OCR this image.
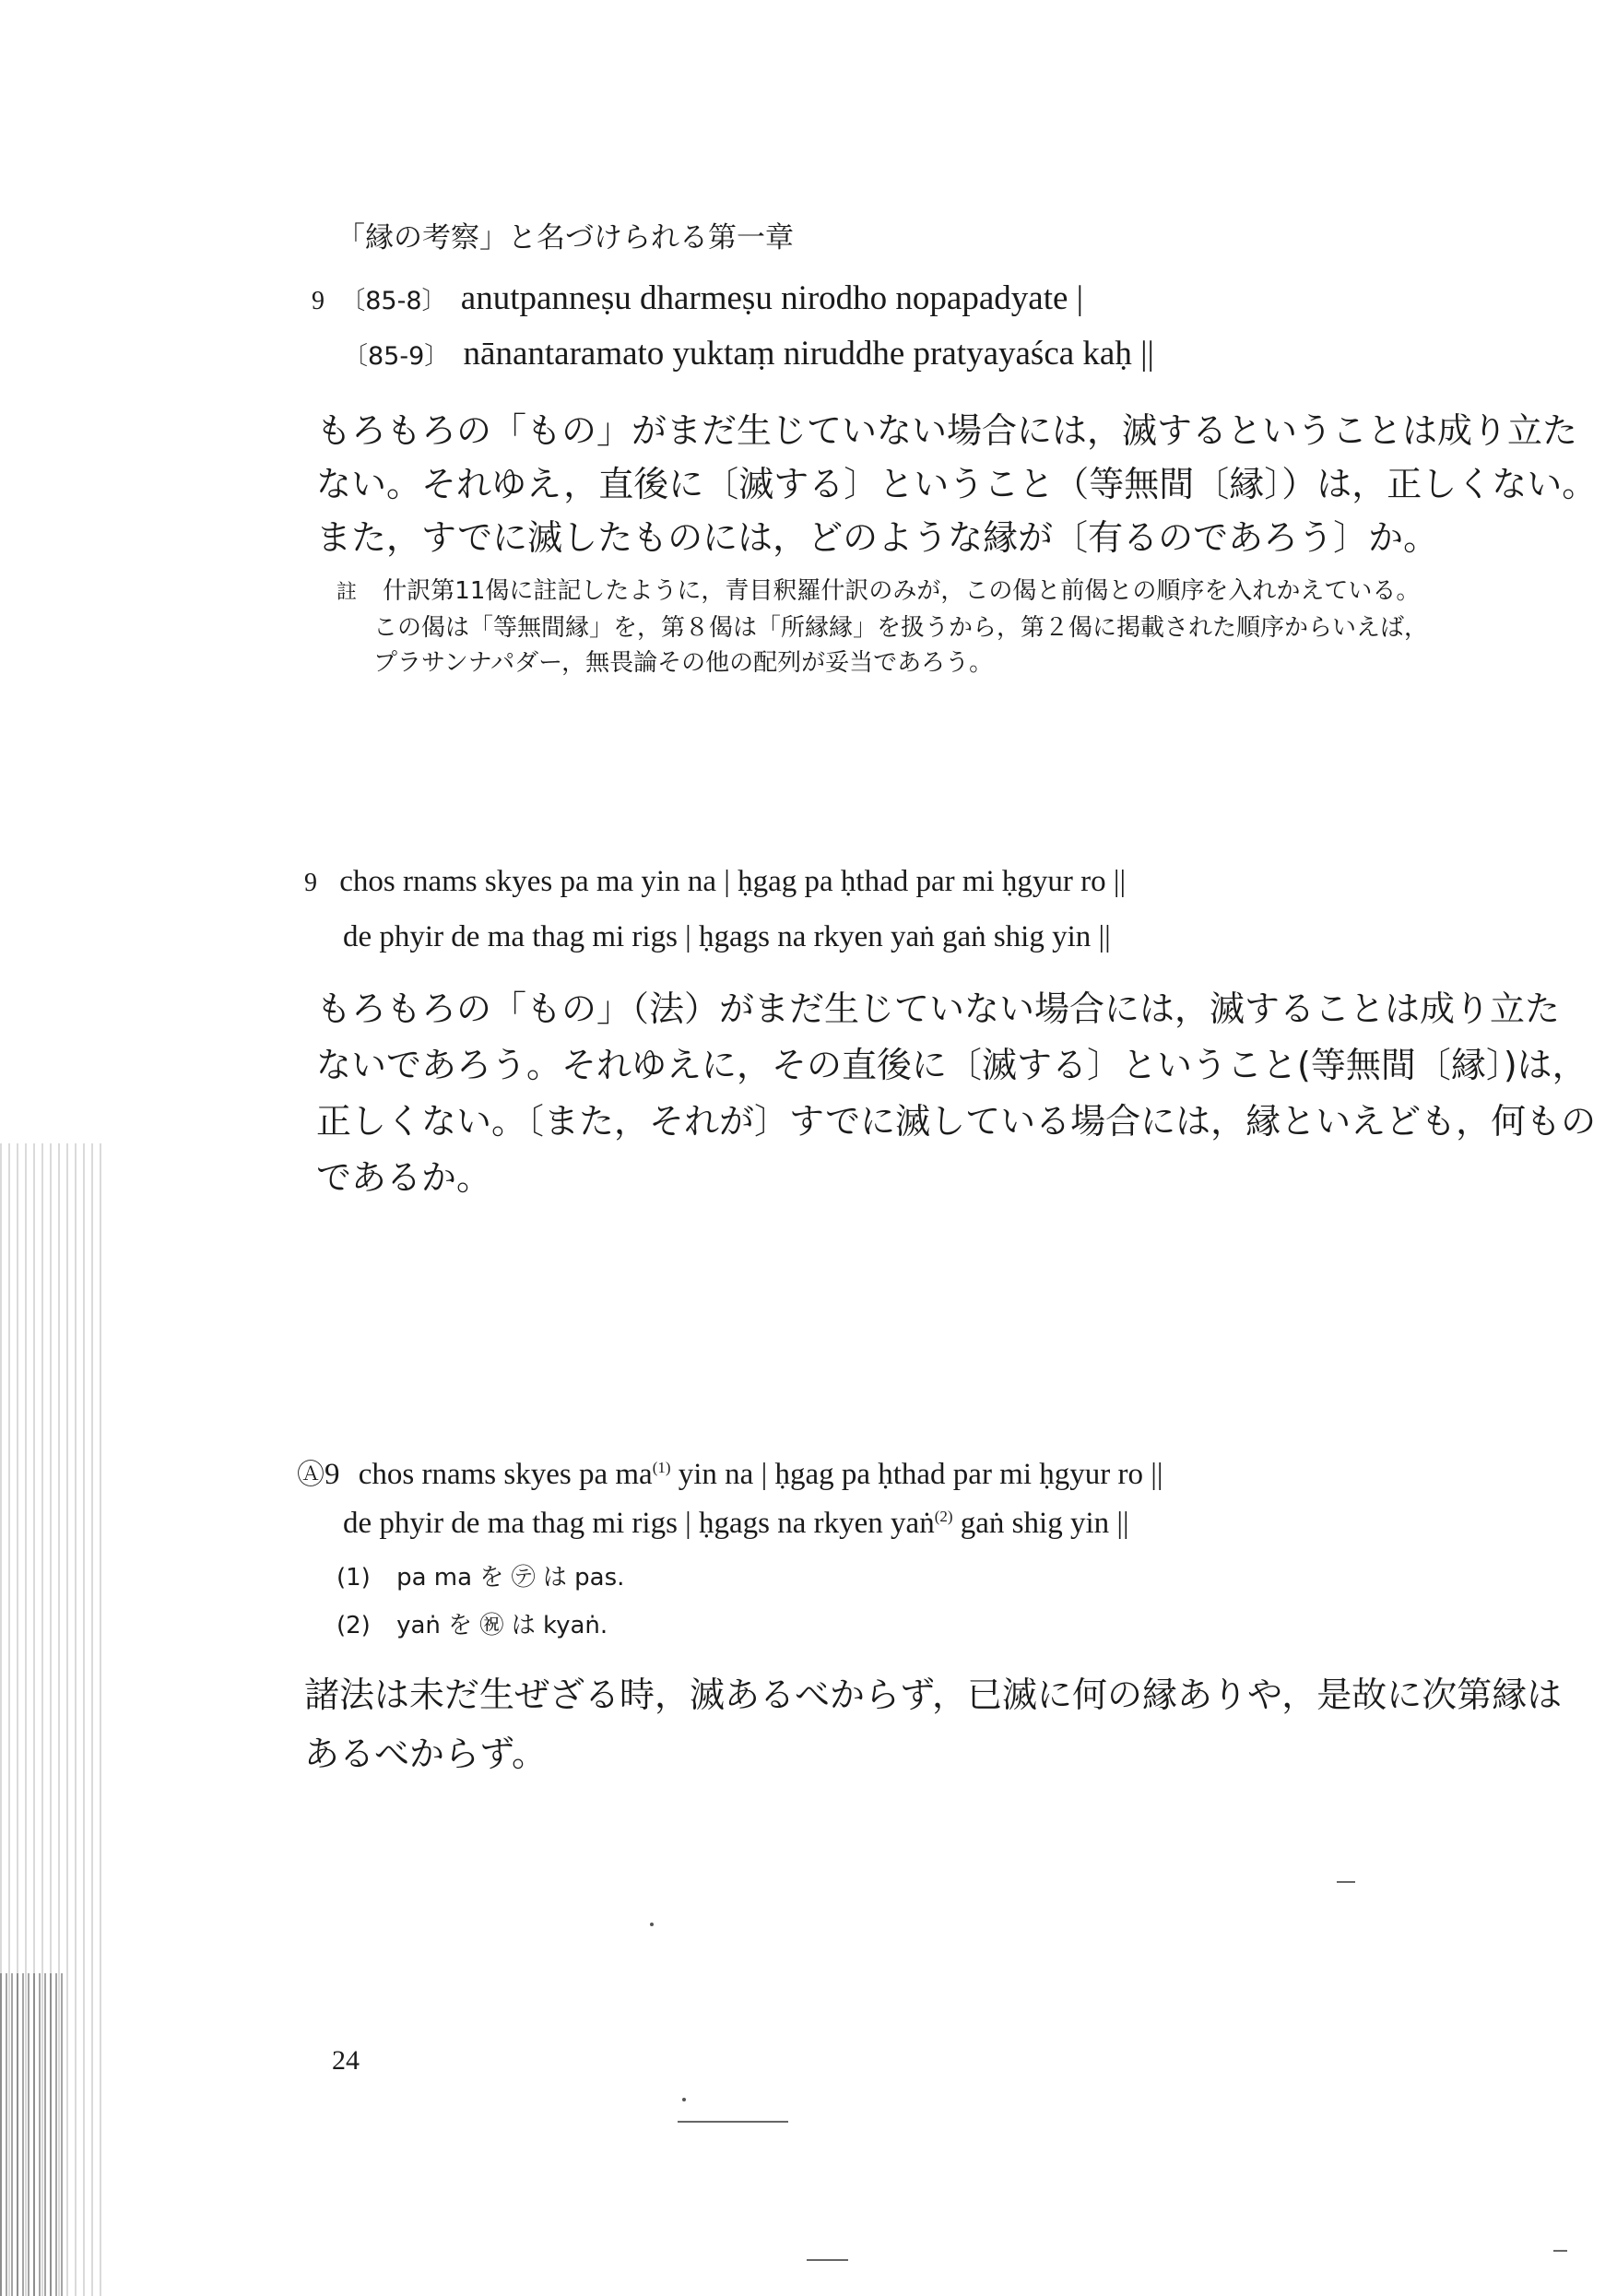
「縁の考察」と名づけられる第一章
9 〔85-8〕 anutpanneṣu dharmeṣu nirodho nopapadyate |
〔85-9〕 nānantaramato yuktaṃ niruddhe pratyayaśca kaḥ ||
もろもろの「もの」がまだ生じていない場合には，滅するということは成り立た
ない。それゆえ，直後に〔滅する〕ということ（等無間〔縁〕）は，正しくない。
また，すでに滅したものには，どのような縁が〔有るのであろう〕か。
註 什訳第11偈に註記したように，青目釈羅什訳のみが，この偈と前偈との順序を入れかえている。
この偈は「等無間縁」を，第８偈は「所縁縁」を扱うから，第２偈に掲載された順序からいえば，
プラサンナパダー，無畏論その他の配列が妥当であろう。
9 chos rnams skyes pa ma yin na | ḥgag pa ḥthad par mi ḥgyur ro ||
de phyir de ma thag mi rigs | ḥgags na rkyen yaṅ gaṅ shig yin ||
もろもろの「もの」（法）がまだ生じていない場合には，滅することは成り立た
ないであろう。それゆえに，その直後に〔滅する〕ということ(等無間〔縁〕)は，
正しくない。〔また，それが〕すでに滅している場合には，縁といえども，何もの
であるか。
Ⓐ9 chos rnams skyes pa $ma^{(1)}$ yin na | ḥgag pa ḥthad par mi ḥgyur ro ||
de phyir de ma thag mi rigs | ḥgags na rkyen yaṅ$^{(2)}$ gaṅ shig yin ||
(1) pa ma を ㋢ は pas.
(2) yaṅ を ㊗ は kyaṅ.
諸法は未だ生ぜざる時，滅あるべからず，已滅に何の縁ありや，是故に次第縁は
あるべからず。
24
